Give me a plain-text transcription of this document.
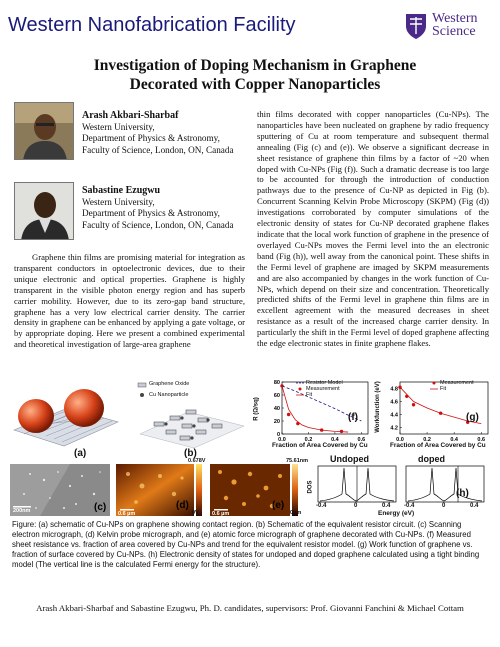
Western Nanofabrication Facility	Western
Science
Investigation of Doping Mechanism in Graphene
Decorated with Copper Nanoparticles
Arash Akbari-Sharbaf
Western University,
Department of Physics & Astronomy,
Faculty of Science, London, ON, Canada
Sabastine Ezugwu
Western University,
Department of Physics & Astronomy,
Faculty of Science, London, ON, Canada

Graphene thin films are promising material for integration as transparent conductors in optoelectronic devices, due to their unique electronic and optical properties. Graphene is highly transparent in the visible photon energy region and has superb carrier mobility. However, due to its zero-gap band structure, graphene has a very low electrical carrier density. The carrier density in graphene can be enhanced by applying a gate voltage, or by appropriate doping. Here we present a combined experimental and theoretical investigation of large-area graphene

thin films decorated with copper nanoparticles (Cu-NPs). The nanoparticles have been nucleated on graphene by radio frequency sputtering of Cu at room temperature and subsequent thermal annealing (Fig (c) and (e)). We observe a significant decrease in sheet resistance of graphene thin films by a factor of ~20 when doped with Cu-NPs (Fig (f)). Such a dramatic decrease is too large to be accounted for through the introduction of conduction pathways due to the presence of Cu-NP as depicted in Fig (b). Concurrent Scanning Kelvin Probe Microscopy (SKPM) (Fig (d)) investigations corroborated by computer simulations of the electronic density of states for Cu-NP decorated graphene flakes indicate that the local work function of graphene in the presence of overlayed Cu-NPs moves the Fermi level into the an electronic band (Fig (h)), well away from the canonical point. These shifts in the Fermi level of graphene are imaged by SKPM measurements and are also accompanied by changes in the work function of Cu-NPs, which depend on their size and concentration. Theoretically predicted shifts of the Fermi level in graphene thin films are in excellent agreement with the measured decreases in sheet resistance as a result of the increased charge carrier density. In particularly the shift in the Fermi level of doped graphene affecting the edge electronic states in finite graphene flakes.

(a)
Graphene Oxide
Cu Nanoparticle
(b)
0.0	0.2	0.4	0.6
0
20
40
60
80
Fraction of Area Covered by Cu
R (Ω/sq)
Resistor Model
Measurement
Fit
(f)
0.0	0.2	0.4	0.6
4.2
4.4
4.6
4.8
Fraction of Area Covered by Cu
Workfunction (eV)	Measurement
Fit
(g)
200nm	(c)
0.6 µm
(d)
0.678V
0V 0.6 µm
(e)
75.61nm
0nm
Undoped	doped
DOS
-0.4	0	0.4 -0.4	0	0.4
Energy (eV)
(h)
Figure: (a) schematic of Cu-NPs on graphene showing contact region. (b) Schematic of the equivalent resistor circuit. (c) Scanning electron micrograph, (d) Kelvin probe micrograph, and (e) atomic force micrograph of graphene decorated with Cu-NPs. (f) Measured sheet resistance vs. fraction of area covered by Cu-NPs and trend for the equivalent resistor model. (g) Work function of graphene vs. fraction of surface covered by Cu-NPs. (h) Electronic density of states for undoped and doped graphene calculated using a tight binding model (The vertical line is the calculated Fermi energy for the structure).
Arash Akbari-Sharbaf and Sabastine Ezugwu, Ph. D. candidates, supervisors: Prof. Giovanni Fanchini & Michael Cottam
